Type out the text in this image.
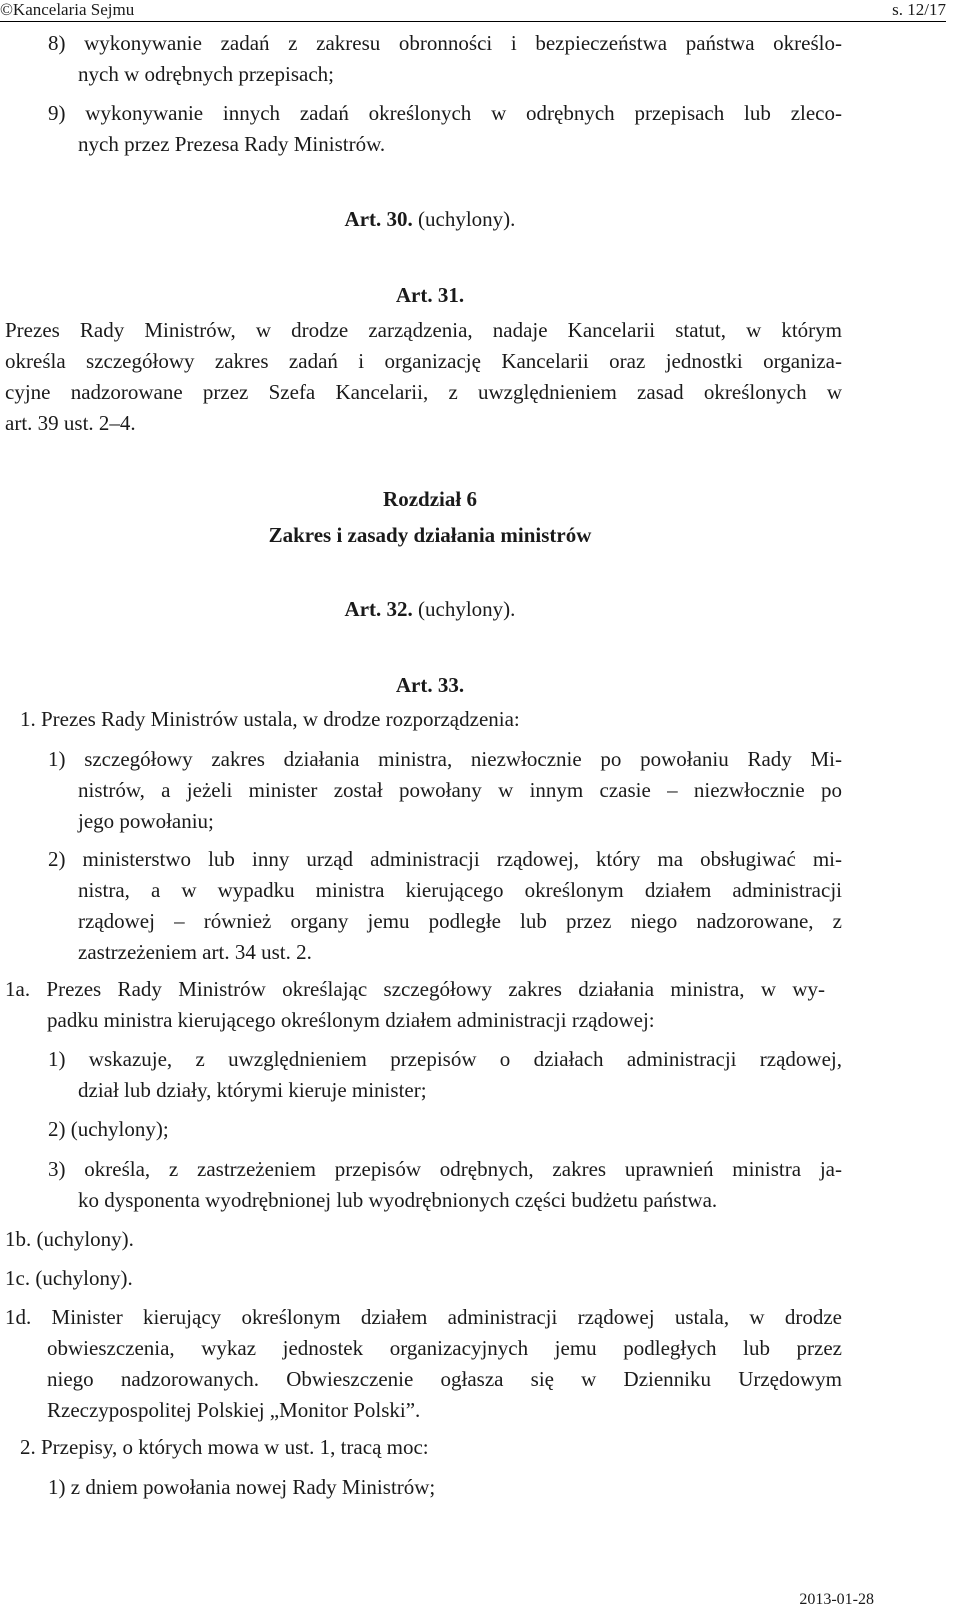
©Kancelaria Sejmu	s. 12/17
8) wykonywanie zadań z zakresu obronności i bezpieczeństwa państwa określo-
nych w odrębnych przepisach;
9) wykonywanie innych zadań określonych w odrębnych przepisach lub zleco-
nych przez Prezesa Rady Ministrów.
Art. 30. (uchylony).
Art. 31.
Prezes Rady Ministrów, w drodze zarządzenia, nadaje Kancelarii statut, w którym
określa szczegółowy zakres zadań i organizację Kancelarii oraz jednostki organiza-
cyjne nadzorowane przez Szefa Kancelarii, z uwzględnieniem zasad określonych w
art. 39 ust. 2–4.
Rozdział 6
Zakres i zasady działania ministrów
Art. 32. (uchylony).
Art. 33.
1. Prezes Rady Ministrów ustala, w drodze rozporządzenia:
1) szczegółowy zakres działania ministra, niezwłocznie po powołaniu Rady Mi-
nistrów, a jeżeli minister został powołany w innym czasie – niezwłocznie po
jego powołaniu;
2) ministerstwo lub inny urząd administracji rządowej, który ma obsługiwać mi-
nistra, a w wypadku ministra kierującego określonym działem administracji
rządowej – również organy jemu podległe lub przez niego nadzorowane, z
zastrzeżeniem art. 34 ust. 2.
1a. Prezes Rady Ministrów określając szczegółowy zakres działania ministra, w wy-
padku ministra kierującego określonym działem administracji rządowej:
1) wskazuje, z uwzględnieniem przepisów o działach administracji rządowej,
dział lub działy, którymi kieruje minister;
2) (uchylony);
3) określa, z zastrzeżeniem przepisów odrębnych, zakres uprawnień ministra ja-
ko dysponenta wyodrębnionej lub wyodrębnionych części budżetu państwa.
1b. (uchylony).
1c. (uchylony).
1d. Minister kierujący określonym działem administracji rządowej ustala, w drodze
obwieszczenia, wykaz jednostek organizacyjnych jemu podległych lub przez
niego nadzorowanych. Obwieszczenie ogłasza się w Dzienniku Urzędowym
Rzeczypospolitej Polskiej „Monitor Polski”.
2. Przepisy, o których mowa w ust. 1, tracą moc:
1) z dniem powołania nowej Rady Ministrów;
2013-01-28
